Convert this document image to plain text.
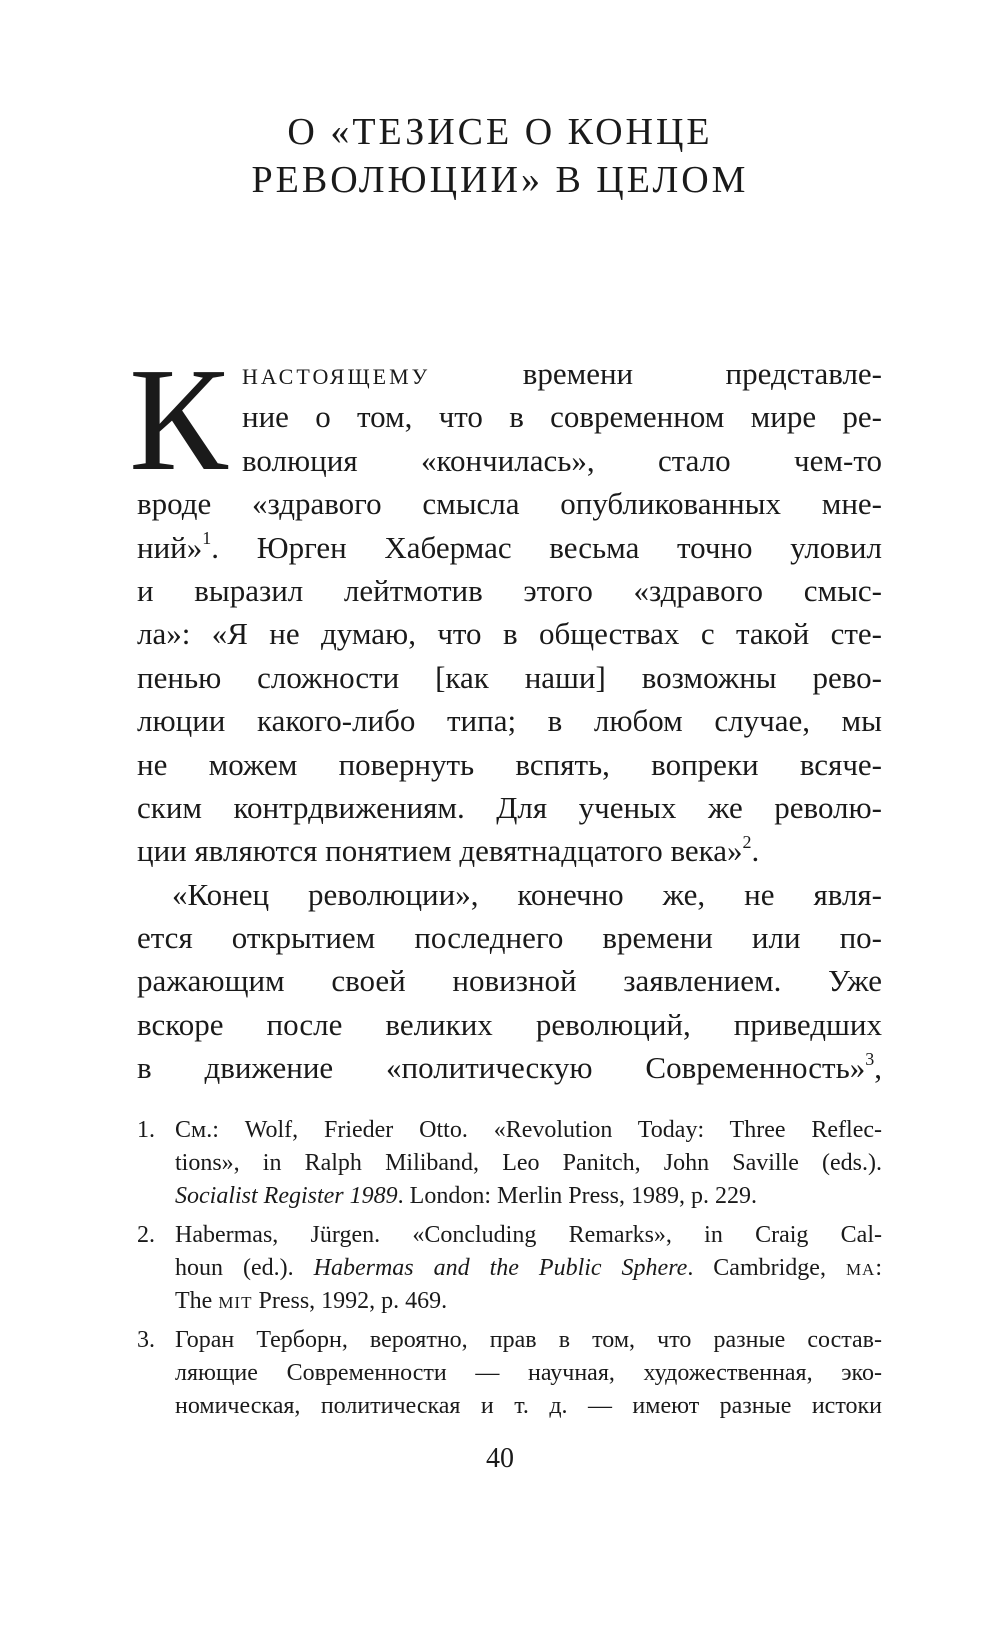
О «ТЕЗИСЕ О КОНЦЕ
РЕВОЛЮЦИИ» В ЦЕЛОМ
К настоящему	времени представле-
ние о том, что в современном мире ре-
волюция «кончилась», стало чем-то
вроде «здравого смысла опубликованных мне-
ний»$^1$. Юрген Хабермас весьма точно уловил
и выразил лейтмотив этого «здравого смыс-
ла»: «Я не думаю, что в обществах с такой сте-
пенью сложности [как наши] возможны рево-
люции какого-либо типа; в любом случае, мы
не можем повернуть вспять, вопреки всяче-
ским контрдвижениям. Для ученых же револю-
ции являются понятием девятнадцатого века»$^2$.
«Конец революции», конечно же, не явля-
ется открытием последнего времени или по-
ражающим своей новизной заявлением. Уже
вскоре после великих революций, приведших
в движение «политическую Современность»$^3$,
1. См.: Wolf, Frieder Otto. «Revolution Today: Three Reflec-
tions», in Ralph Miliband, Leo Panitch, John Saville (eds.).
Socialist Register 1989. London: Merlin Press, 1989, p. 229.
2. Habermas, Jürgen. «Concluding Remarks», in Craig Cal-
houn (ed.). Habermas and the Public Sphere. Cambridge, ma:
The mit Press, 1992, p. 469.
3. Горан Терборн, вероятно, прав в том, что разные состав-
ляющие Современности — научная, художественная, эко-
номическая, политическая и т. д. — имеют разные истоки
40
